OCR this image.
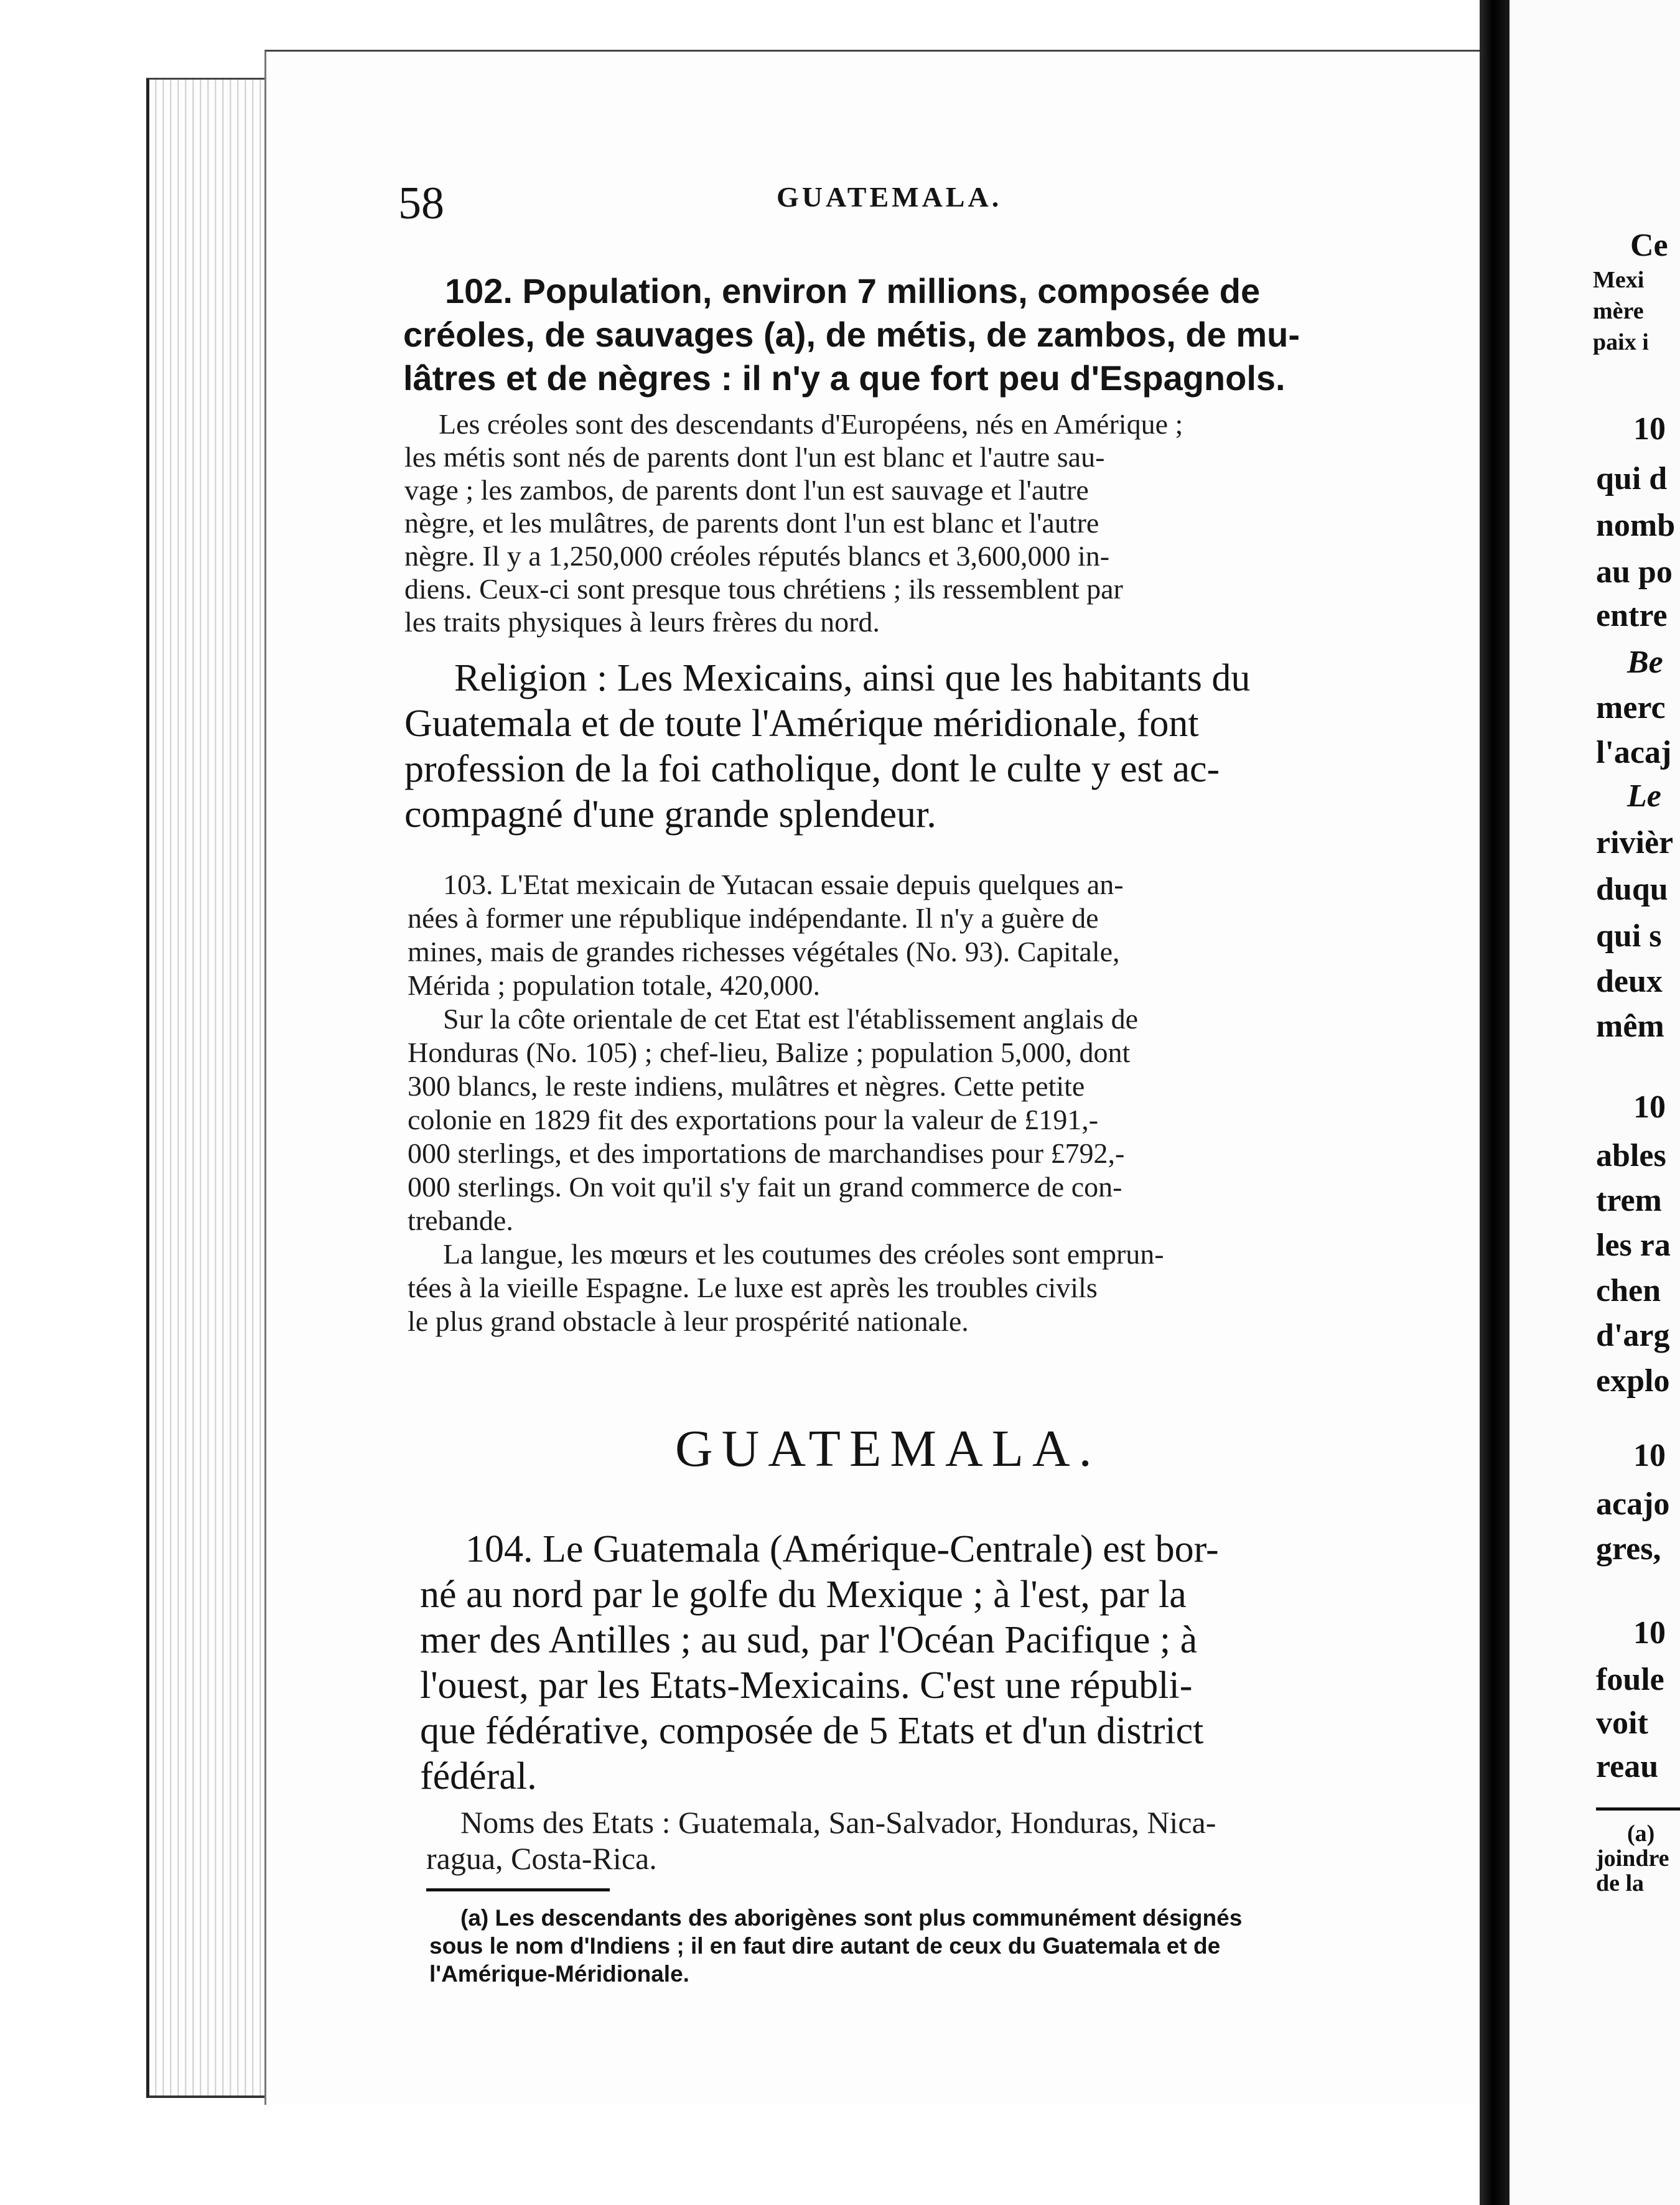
58	GUATEMALA.
102. Population, environ 7 millions, composée de
créoles, de sauvages (a), de métis, de zambos, de mu-
lâtres et de nègres : il n'y a que fort peu d'Espagnols.
Les créoles sont des descendants d'Européens, nés en Amérique ;
les métis sont nés de parents dont l'un est blanc et l'autre sau-
vage ; les zambos, de parents dont l'un est sauvage et l'autre
nègre, et les mulâtres, de parents dont l'un est blanc et l'autre
nègre. Il y a 1,250,000 créoles réputés blancs et 3,600,000 in-
diens. Ceux-ci sont presque tous chrétiens ; ils ressemblent par
les traits physiques à leurs frères du nord.
Religion : Les Mexicains, ainsi que les habitants du
Guatemala et de toute l'Amérique méridionale, font
profession de la foi catholique, dont le culte y est ac-
compagné d'une grande splendeur.
103. L'Etat mexicain de Yutacan essaie depuis quelques an-
nées à former une république indépendante. Il n'y a guère de
mines, mais de grandes richesses végétales (No. 93). Capitale,
Mérida ; population totale, 420,000.
Sur la côte orientale de cet Etat est l'établissement anglais de
Honduras (No. 105) ; chef-lieu, Balize ; population 5,000, dont
300 blancs, le reste indiens, mulâtres et nègres. Cette petite
colonie en 1829 fit des exportations pour la valeur de £191,-
000 sterlings, et des importations de marchandises pour £792,-
000 sterlings. On voit qu'il s'y fait un grand commerce de con-
trebande.
La langue, les mœurs et les coutumes des créoles sont emprun-
tées à la vieille Espagne. Le luxe est après les troubles civils
le plus grand obstacle à leur prospérité nationale.
GUATEMALA.
104. Le Guatemala (Amérique-Centrale) est bor-
né au nord par le golfe du Mexique ; à l'est, par la
mer des Antilles ; au sud, par l'Océan Pacifique ; à
l'ouest, par les Etats-Mexicains. C'est une républi-
que fédérative, composée de 5 Etats et d'un district
fédéral.
Noms des Etats : Guatemala, San-Salvador, Honduras, Nica-
ragua, Costa-Rica.
(a) Les descendants des aborigènes sont plus communément désignés
sous le nom d'Indiens ; il en faut dire autant de ceux du Guatemala et de
l'Amérique-Méridionale.
Ce
Mexi
mère
paix i
10
qui d
nomb
au po
entre
Be
merc
l'acaj
Le
rivièr
duqu
qui s
deux
mêm
10
ables
trem
les ra
chen
d'arg
explo
10
acajo
gres,
10
foule
voit
reau
(a)
joindre
de la
